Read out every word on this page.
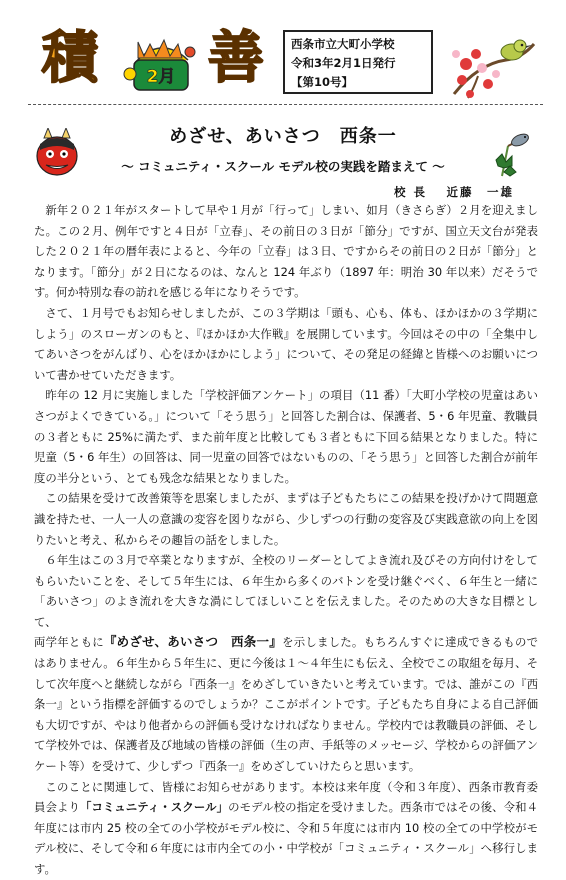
積	2月 善 西条市立大町小学校
令和3年2月1日発行
【第10号】
めざせ、あいさつ　西条一
～ コミュニティ・スクール モデル校の実践を踏まえて ～
校 長　 近藤　一雄

新年２０２１年がスタートして早や１月が「行って」しまい、如月（きさらぎ）２月を迎えました。この２月、例年ですと４日が「立春」、その前日の３日が「節分」ですが、国立天文台が発表した２０２１年の暦年表によると、今年の「立春」は３日、ですからその前日の２日が「節分」となります。「節分」が２日になるのは、なんと 124 年ぶり（1897 年：明治 30 年以来）だそうです。何か特別な春の訪れを感じる年になりそうです。

さて、１月号でもお知らせしましたが、この３学期は「頭も、心も、体も、ほかほかの３学期にしよう」のスローガンのもと、『ほかほか大作戦』を展開しています。今回はその中の「全集中してあいさつをがんばり、心をほかほかにしよう」について、その発足の経緯と皆様へのお願いについて書かせていただきます。

昨年の 12 月に実施しました「学校評価アンケート」の項目（11 番）「大町小学校の児童はあいさつがよくできている。」について「そう思う」と回答した割合は、保護者、5・6 年児童、教職員の３者ともに 25%に満たず、また前年度と比較しても３者ともに下回る結果となりました。特に児童（5・6 年生）の回答は、同一児童の回答ではないものの、「そう思う」と回答した割合が前年度の半分という、とても残念な結果となりました。

この結果を受けて改善策等を思案しましたが、まずは子どもたちにこの結果を投げかけて問題意識を持たせ、一人一人の意識の変容を図りながら、少しずつの行動の変容及び実践意欲の向上を図りたいと考え、私からその趣旨の話をしました。

６年生はこの３月で卒業となりますが、全校のリーダーとしてよき流れ及びその方向付けをしてもらいたいことを、そして５年生には、６年生から多くのバトンを受け継ぐべく、６年生と一緒に「あいさつ」のよき流れを大きな渦にしてほしいことを伝えました。そのための大きな目標として、

両学年ともに『めざせ、あいさつ　西条一』を示しました。もちろんすぐに達成できるものではありません。６年生から５年生に、更に今後は１～４年生にも伝え、全校でこの取組を毎月、そして次年度へと継続しながら『西条一』をめざしていきたいと考えています。では、誰がこの『西条一』という指標を評価するのでしょうか？ここがポイントです。子どもたち自身による自己評価も大切ですが、やはり他者からの評価も受けなければなりません。学校内では教職員の評価、そして学校外では、保護者及び地域の皆様の評価（生の声、手紙等のメッセージ、学校からの評価アンケート等）を受けて、少しずつ『西条一』をめざしていけたらと思います。

このことに関連して、皆様にお知らせがあります。本校は来年度（令和３年度）、西条市教育委員会より「コミュニティ・スクール」のモデル校の指定を受けました。西条市ではその後、令和４年度には市内 25 校の全ての小学校がモデル校に、令和５年度には市内 10 校の全ての中学校がモデル校に、そして令和６年度には市内全ての小・中学校が「コミュニティ・スクール」へ移行します。
